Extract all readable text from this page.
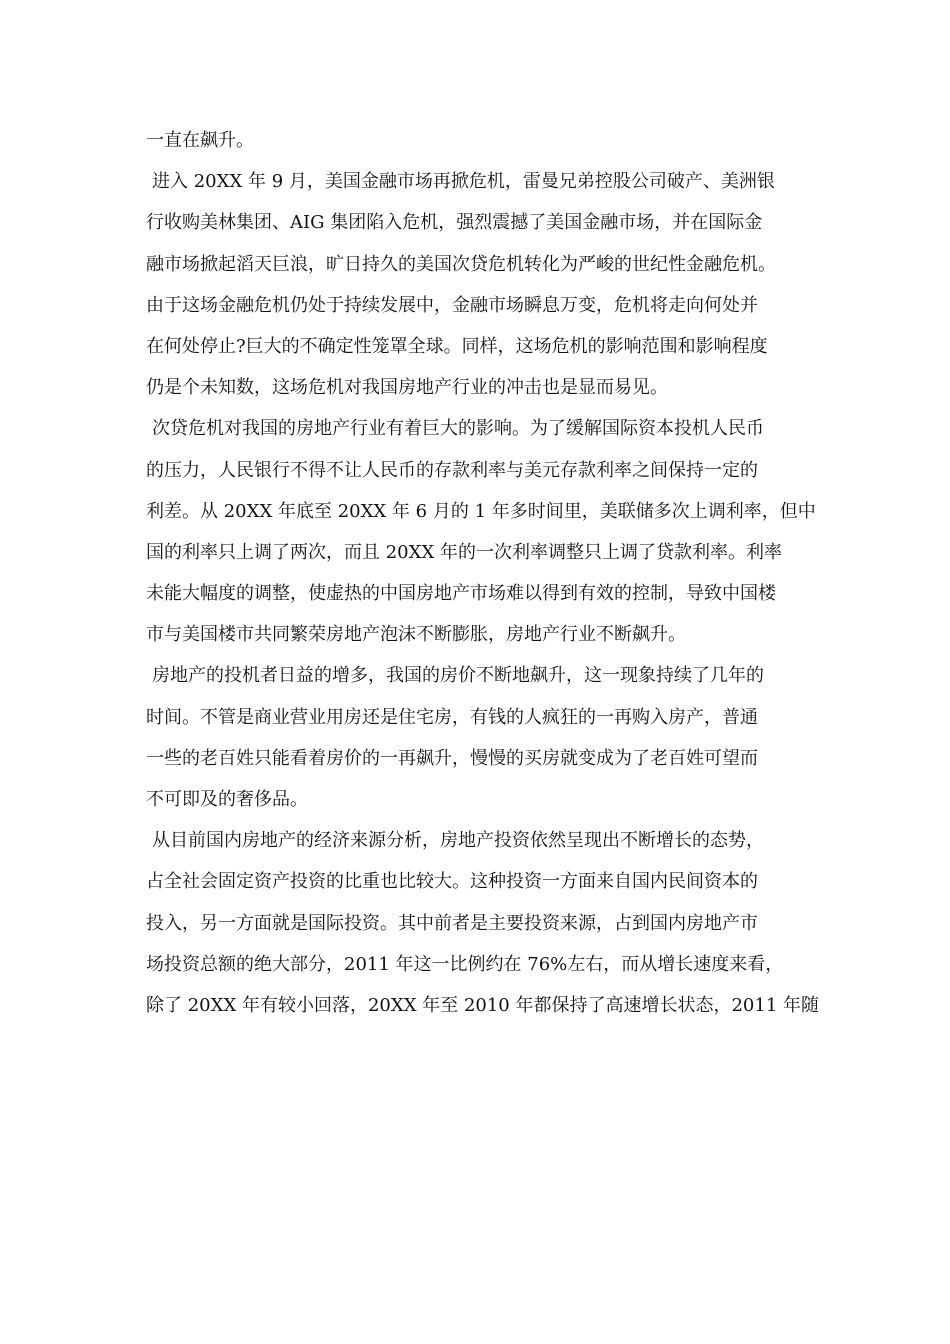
一直在飙升。
进入 20XX 年 9 月，美国金融市场再掀危机，雷曼兄弟控股公司破产、美洲银
行收购美林集团、AIG 集团陷入危机，强烈震撼了美国金融市场，并在国际金
融市场掀起滔天巨浪，旷日持久的美国次贷危机转化为严峻的世纪性金融危机。
由于这场金融危机仍处于持续发展中，金融市场瞬息万变，危机将走向何处并
在何处停止?巨大的不确定性笼罩全球。同样，这场危机的影响范围和影响程度
仍是个未知数，这场危机对我国房地产行业的冲击也是显而易见。
次贷危机对我国的房地产行业有着巨大的影响。为了缓解国际资本投机人民币
的压力，人民银行不得不让人民币的存款利率与美元存款利率之间保持一定的
利差。从 20XX 年底至 20XX 年 6 月的 1 年多时间里，美联储多次上调利率，但中
国的利率只上调了两次，而且 20XX 年的一次利率调整只上调了贷款利率。利率
未能大幅度的调整，使虚热的中国房地产市场难以得到有效的控制，导致中国楼
市与美国楼市共同繁荣房地产泡沫不断膨胀，房地产行业不断飙升。
房地产的投机者日益的增多，我国的房价不断地飙升，这一现象持续了几年的
时间。不管是商业营业用房还是住宅房，有钱的人疯狂的一再购入房产，普通
一些的老百姓只能看着房价的一再飙升，慢慢的买房就变成为了老百姓可望而
不可即及的奢侈品。
从目前国内房地产的经济来源分析，房地产投资依然呈现出不断增长的态势，
占全社会固定资产投资的比重也比较大。这种投资一方面来自国内民间资本的
投入，另一方面就是国际投资。其中前者是主要投资来源，占到国内房地产市
场投资总额的绝大部分，2011 年这一比例约在 76%左右，而从增长速度来看，
除了 20XX 年有较小回落，20XX 年至 2010 年都保持了高速增长状态，2011 年随
